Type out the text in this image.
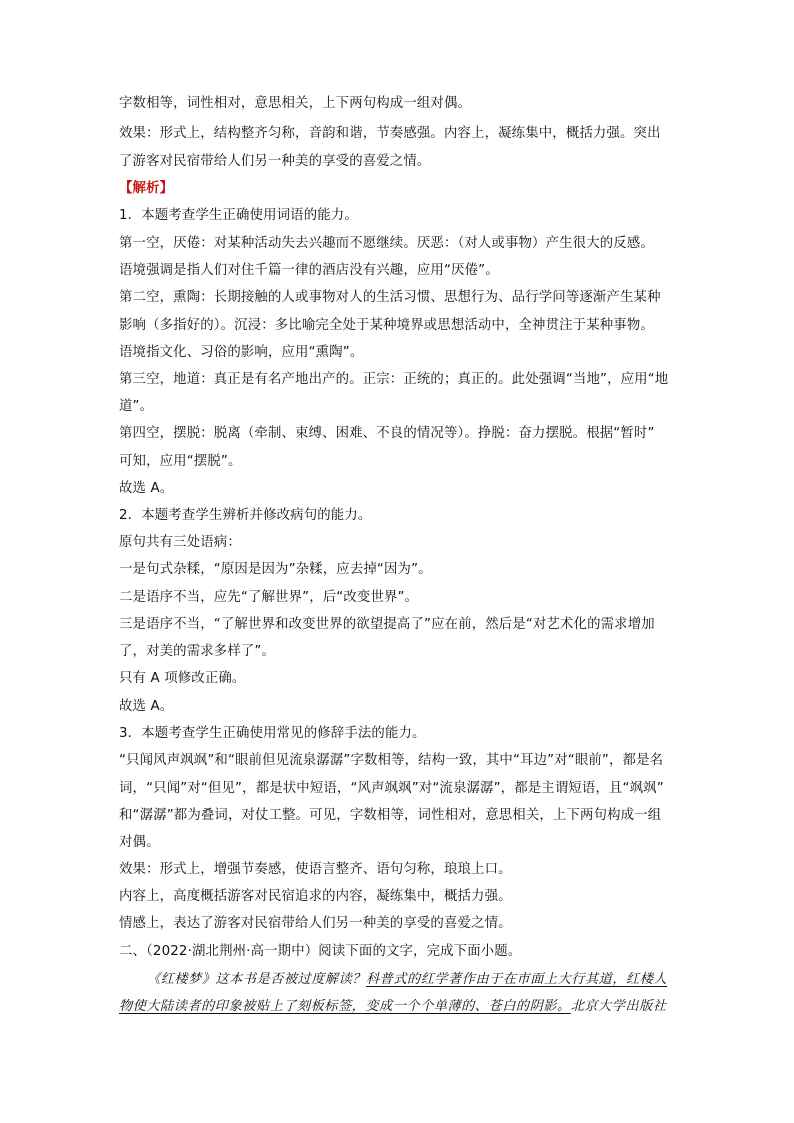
字数相等，词性相对，意思相关，上下两句构成一组对偶。
效果：形式上，结构整齐匀称，音韵和谐，节奏感强。内容上，凝练集中，概括力强。突出
了游客对民宿带给人们另一种美的享受的喜爱之情。
【解析】
1．本题考查学生正确使用词语的能力。
第一空，厌倦：对某种活动失去兴趣而不愿继续。厌恶：（对人或事物）产生很大的反感。
语境强调是指人们对住千篇一律的酒店没有兴趣，应用“厌倦”。
第二空，熏陶：长期接触的人或事物对人的生活习惯、思想行为、品行学问等逐渐产生某种
影响（多指好的）。沉浸：多比喻完全处于某种境界或思想活动中，全神贯注于某种事物。
语境指文化、习俗的影响，应用“熏陶”。
第三空，地道：真正是有名产地出产的。正宗：正统的；真正的。此处强调“当地”，应用“地
道”。
第四空，摆脱：脱离（牵制、束缚、困难、不良的情况等）。挣脱：奋力摆脱。根据“暂时”
可知，应用“摆脱”。
故选 A。
2．本题考查学生辨析并修改病句的能力。
原句共有三处语病：
一是句式杂糅，“原因是因为”杂糅，应去掉“因为”。
二是语序不当，应先“了解世界”，后“改变世界”。
三是语序不当，“了解世界和改变世界的欲望提高了”应在前，然后是“对艺术化的需求增加
了，对美的需求多样了”。
只有 A 项修改正确。
故选 A。
3．本题考查学生正确使用常见的修辞手法的能力。
“只闻风声飒飒”和“眼前但见流泉潺潺”字数相等，结构一致，其中“耳边”对“眼前”，都是名
词，“只闻”对“但见”，都是状中短语，“风声飒飒”对“流泉潺潺”，都是主谓短语，且“飒飒”
和“潺潺”都为叠词，对仗工整。可见，字数相等，词性相对，意思相关，上下两句构成一组
对偶。
效果：形式上，增强节奏感，使语言整齐、语句匀称，琅琅上口。
内容上，高度概括游客对民宿追求的内容，凝练集中，概括力强。
情感上，表达了游客对民宿带给人们另一种美的享受的喜爱之情。
二、（2022·湖北荆州·高一期中）阅读下面的文字，完成下面小题。
《红楼梦》这本书是否被过度解读？科普式的红学著作由于在市面上大行其道，红楼人
物使大陆读者的印象被贴上了刻板标签，变成一个个单薄的、苍白的阴影。北京大学出版社
